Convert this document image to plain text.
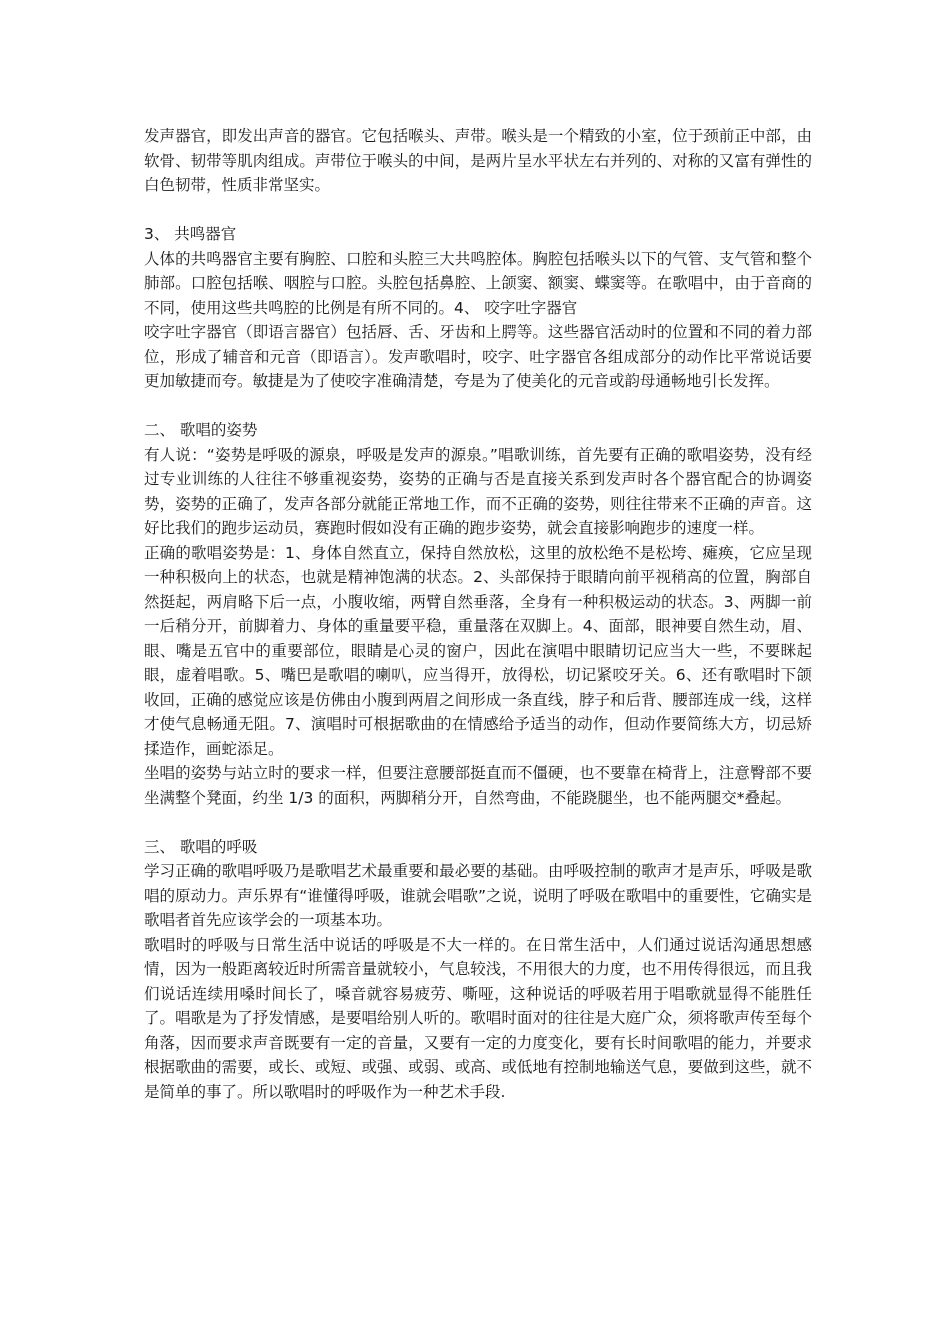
发声器官，即发出声音的器官。它包括喉头、声带。喉头是一个精致的小室，位于颈前正中部，由软骨、韧带等肌肉组成。声带位于喉头的中间，是两片呈水平状左右并列的、对称的又富有弹性的白色韧带，性质非常坚实。

3、 共鸣器官

人体的共鸣器官主要有胸腔、口腔和头腔三大共鸣腔体。胸腔包括喉头以下的气管、支气管和整个肺部。口腔包括喉、咽腔与口腔。头腔包括鼻腔、上颌窦、额窦、蝶窦等。在歌唱中，由于音商的不同，使用这些共鸣腔的比例是有所不同的。4、 咬字吐字器官

咬字吐字器官（即语言器官）包括唇、舌、牙齿和上腭等。这些器官活动时的位置和不同的着力部位，形成了辅音和元音（即语言）。发声歌唱时，咬字、吐字器官各组成部分的动作比平常说话要更加敏捷而夸。敏捷是为了使咬字准确清楚，夸是为了使美化的元音或韵母通畅地引长发挥。

二、 歌唱的姿势

有人说：“姿势是呼吸的源泉，呼吸是发声的源泉。”唱歌训练，首先要有正确的歌唱姿势，没有经过专业训练的人往往不够重视姿势，姿势的正确与否是直接关系到发声时各个器官配合的协调姿势，姿势的正确了，发声各部分就能正常地工作，而不正确的姿势，则往往带来不正确的声音。这好比我们的跑步运动员，赛跑时假如没有正确的跑步姿势，就会直接影响跑步的速度一样。

正确的歌唱姿势是：1、身体自然直立，保持自然放松，这里的放松绝不是松垮、瘫痪，它应呈现一种积极向上的状态，也就是精神饱满的状态。2、头部保持于眼睛向前平视稍高的位置，胸部自然挺起，两肩略下后一点，小腹收缩，两臂自然垂落，全身有一种积极运动的状态。3、两脚一前一后稍分开，前脚着力、身体的重量要平稳，重量落在双脚上。4、面部，眼神要自然生动，眉、眼、嘴是五官中的重要部位，眼睛是心灵的窗户，因此在演唱中眼睛切记应当大一些，不要眯起眼，虚着唱歌。5、嘴巴是歌唱的喇叭，应当得开，放得松，切记紧咬牙关。6、还有歌唱时下颌收回，正确的感觉应该是仿佛由小腹到两眉之间形成一条直线，脖子和后背、腰部连成一线，这样才使气息畅通无阻。7、演唱时可根据歌曲的在情感给予适当的动作，但动作要简练大方，切忌矫揉造作，画蛇添足。

坐唱的姿势与站立时的要求一样，但要注意腰部挺直而不僵硬，也不要靠在椅背上，注意臀部不要坐满整个凳面，约坐 1/3 的面积，两脚稍分开，自然弯曲，不能跷腿坐，也不能两腿交*叠起。

三、 歌唱的呼吸

学习正确的歌唱呼吸乃是歌唱艺术最重要和最必要的基础。由呼吸控制的歌声才是声乐，呼吸是歌唱的原动力。声乐界有“谁懂得呼吸，谁就会唱歌”之说，说明了呼吸在歌唱中的重要性，它确实是歌唱者首先应该学会的一项基本功。

歌唱时的呼吸与日常生活中说话的呼吸是不大一样的。在日常生活中，人们通过说话沟通思想感情，因为一般距离较近时所需音量就较小，气息较浅，不用很大的力度，也不用传得很远，而且我们说话连续用嗓时间长了，嗓音就容易疲劳、嘶哑，这种说话的呼吸若用于唱歌就显得不能胜任了。唱歌是为了抒发情感，是要唱给别人听的。歌唱时面对的往往是大庭广众，须将歌声传至每个角落，因而要求声音既要有一定的音量，又要有一定的力度变化，要有长时间歌唱的能力，并要求根据歌曲的需要，或长、或短、或强、或弱、或高、或低地有控制地输送气息，要做到这些，就不是简单的事了。所以歌唱时的呼吸作为一种艺术手段.
